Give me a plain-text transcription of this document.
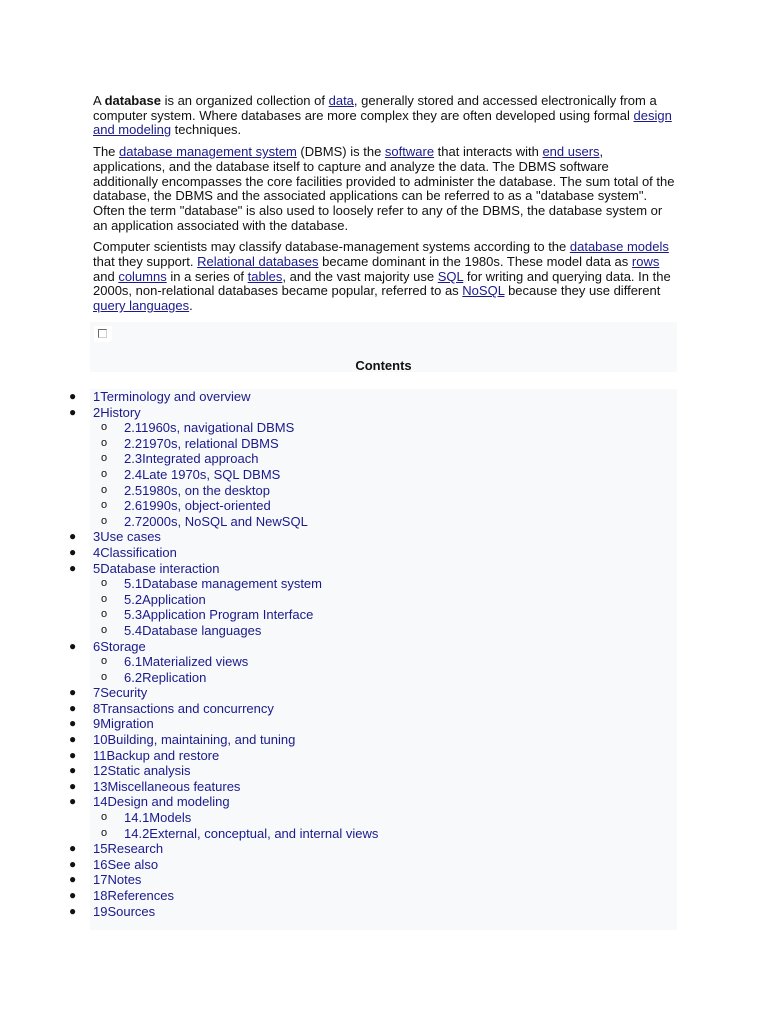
A database is an organized collection of data, generally stored and accessed electronically from a computer system. Where databases are more complex they are often developed using formal design and modeling techniques.

The database management system (DBMS) is the software that interacts with end users, applications, and the database itself to capture and analyze the data. The DBMS software additionally encompasses the core facilities provided to administer the database. The sum total of the database, the DBMS and the associated applications can be referred to as a "database system". Often the term "database" is also used to loosely refer to any of the DBMS, the database system or an application associated with the database.

Computer scientists may classify database-management systems according to the database models that they support. Relational databases became dominant in the 1980s. These model data as rows and columns in a series of tables, and the vast majority use SQL for writing and querying data. In the 2000s, non-relational databases became popular, referred to as NoSQL because they use different query languages.

Contents
● 1Terminology and overview
● 2History
o 2.11960s, navigational DBMS
o 2.21970s, relational DBMS
o 2.3Integrated approach
o 2.4Late 1970s, SQL DBMS
o 2.51980s, on the desktop
o 2.61990s, object-oriented
o 2.72000s, NoSQL and NewSQL
● 3Use cases
● 4Classification
● 5Database interaction
o 5.1Database management system
o 5.2Application
o 5.3Application Program Interface
o 5.4Database languages
● 6Storage
o 6.1Materialized views
o 6.2Replication
● 7Security
● 8Transactions and concurrency
● 9Migration
● 10Building, maintaining, and tuning
● 11Backup and restore
● 12Static analysis
● 13Miscellaneous features
● 14Design and modeling
o 14.1Models
o 14.2External, conceptual, and internal views
● 15Research
● 16See also
● 17Notes
● 18References
● 19Sources
